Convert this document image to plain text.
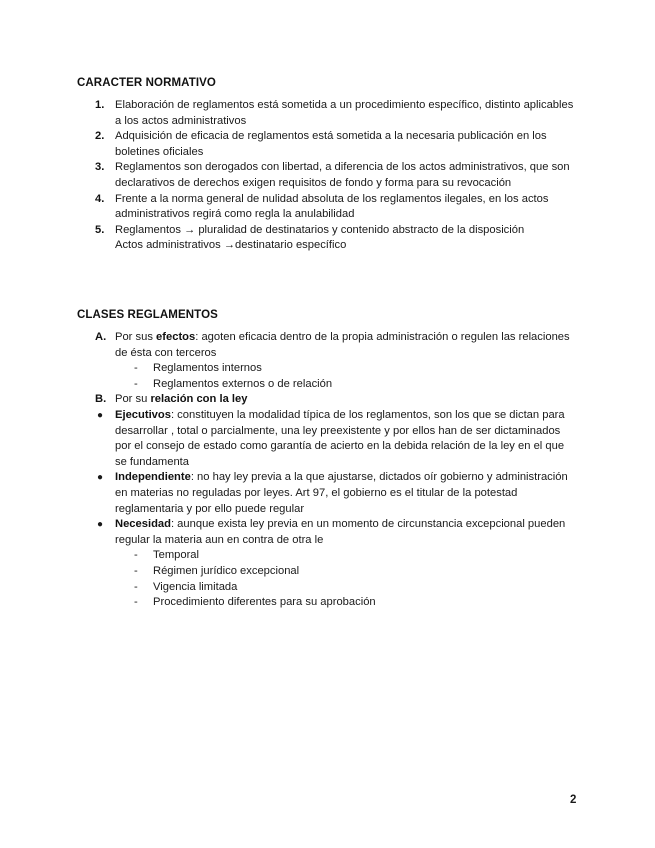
CARACTER NORMATIVO
1. Elaboración de reglamentos está sometida a un procedimiento específico, distinto aplicables a los actos administrativos
2. Adquisición de eficacia de reglamentos está sometida a la necesaria publicación en los boletines oficiales
3. Reglamentos son derogados con libertad, a diferencia de los actos administrativos, que son declarativos de derechos exigen requisitos de fondo y forma para su revocación
4. Frente a la norma general de nulidad absoluta de los reglamentos ilegales, en los actos administrativos regirá como regla la anulabilidad
5. Reglamentos → pluralidad de destinatarios y contenido abstracto de la disposición
Actos administrativos →destinatario específico
CLASES REGLAMENTOS
A. Por sus efectos: agoten eficacia dentro de la propia administración o regulen las relaciones de ésta con terceros
- Reglamentos internos
- Reglamentos externos o de relación
B. Por su relación con la ley
● Ejecutivos: constituyen la modalidad típica de los reglamentos, son los que se dictan para desarrollar , total o parcialmente, una ley preexistente y por ellos han de ser dictaminados por el consejo de estado como garantía de acierto en la debida relación de la ley en el que se fundamenta
● Independiente: no hay ley previa a la que ajustarse, dictados oír gobierno y administración en materias no reguladas por leyes. Art 97, el gobierno es el titular de la potestad reglamentaria y por ello puede regular
● Necesidad: aunque exista ley previa en un momento de circunstancia excepcional pueden regular la materia aun en contra de otra le
- Temporal
- Régimen jurídico excepcional
- Vigencia limitada
- Procedimiento diferentes para su aprobación
2
